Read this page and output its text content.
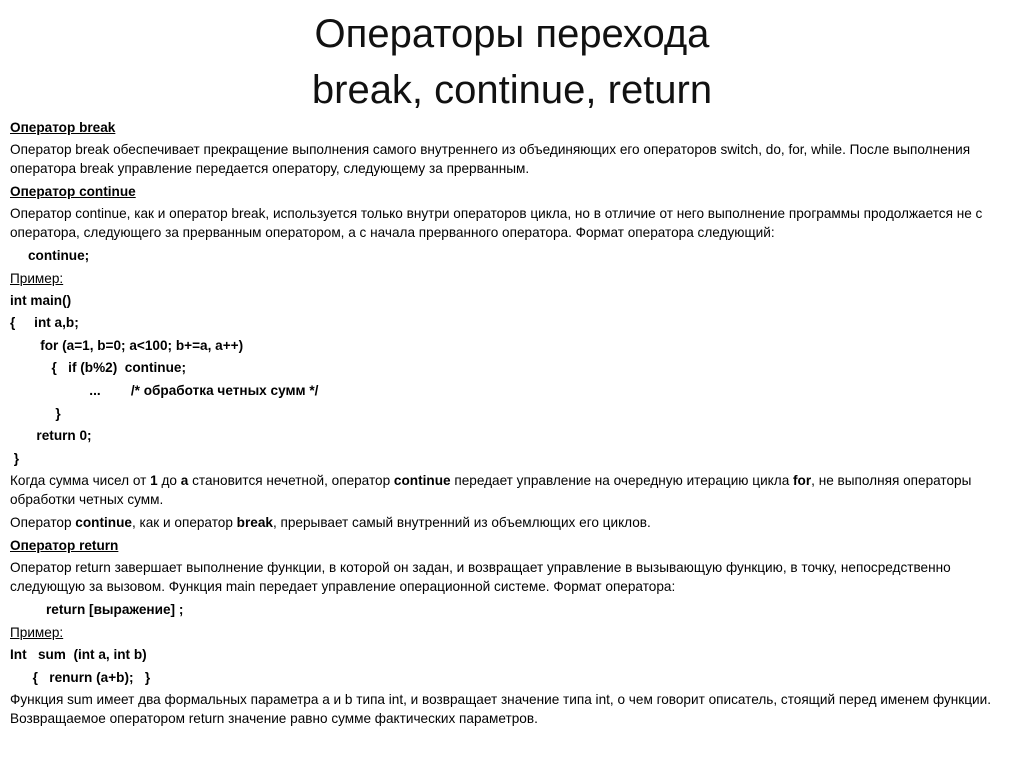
Операторы перехода
break, continue, return
Оператор break
Оператор break обеспечивает прекращение выполнения самого внутреннего из объединяющих его операторов switch, do, for, while. После выполнения оператора break управление передается оператору, следующему за прерванным.
Оператор continue
Оператор continue, как и оператор break, используется только внутри операторов цикла, но в отличие от него выполнение программы продолжается не с оператора, следующего за прерванным оператором, а с начала прерванного оператора. Формат оператора следующий:
continue;
Пример:
int main()
{     int a,b;
for (a=1, b=0; a<100; b+=a, a++)
{   if (b%2)  continue;
...        /* обработка четных сумм */
}
return 0;
}
Когда сумма чисел от 1 до а становится нечетной, оператор continue передает управление на очередную итерацию цикла for, не выполняя операторы обработки четных сумм.
Оператор continue, как и оператор break, прерывает самый внутренний из объемлющих его циклов.
Оператор return
Оператор return завершает выполнение функции, в которой он задан, и возвращает управление в вызывающую функцию, в точку, непосредственно следующую за вызовом. Функция main передает управление операционной системе. Формат оператора:
return [выражение] ;
Пример:
Int   sum  (int a, int b)
{   renurn (a+b);   }
Функция sum имеет два формальных параметра a и b типа int, и возвращает значение типа int, о чем говорит описатель, стоящий перед именем функции. Возвращаемое оператором return значение равно сумме фактических параметров.
